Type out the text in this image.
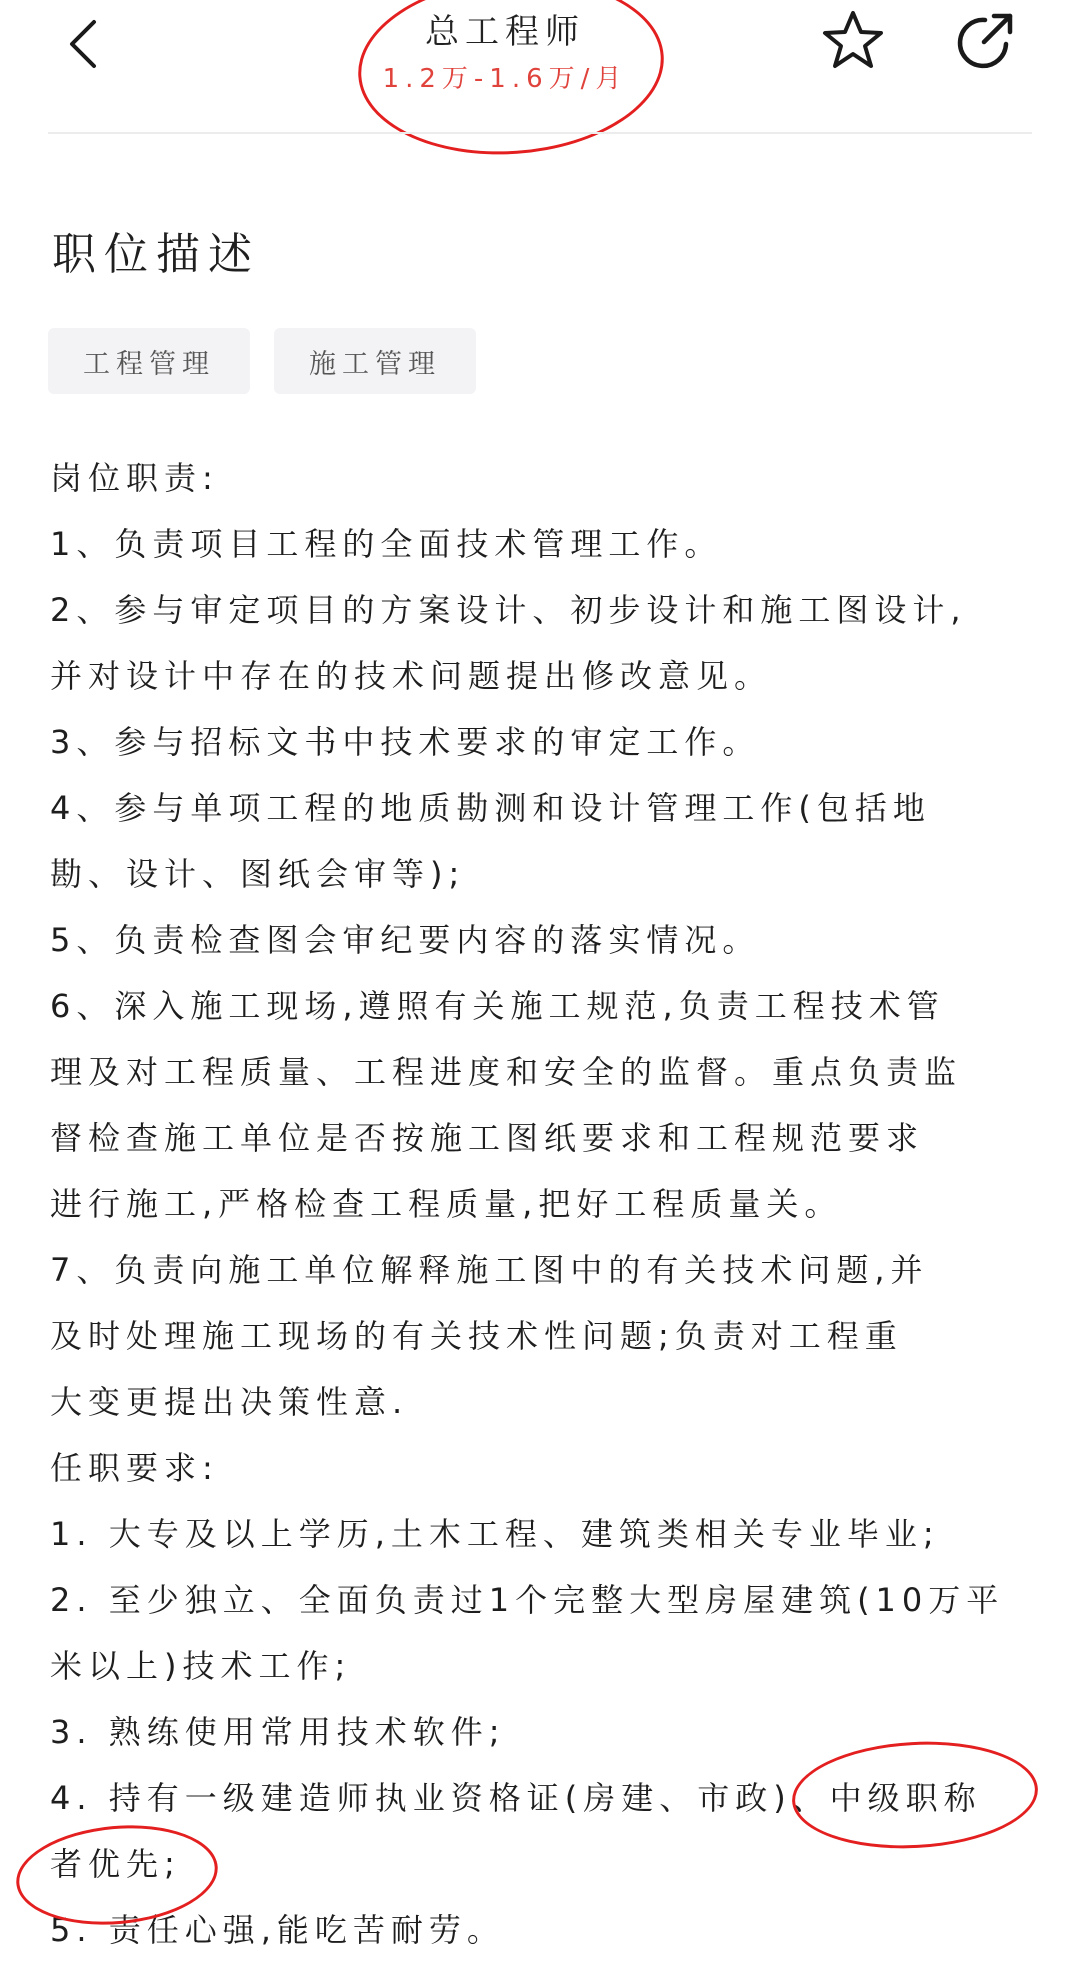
总工程师
1.2万-1.6万/月
职位描述
工程管理	施工管理
岗位职责:
1、负责项目工程的全面技术管理工作。
2、参与审定项目的方案设计、初步设计和施工图设计,
并对设计中存在的技术问题提出修改意见。
3、参与招标文书中技术要求的审定工作。
4、参与单项工程的地质勘测和设计管理工作(包括地
勘、设计、图纸会审等);
5、负责检查图会审纪要内容的落实情况。
6、深入施工现场,遵照有关施工规范,负责工程技术管
理及对工程质量、工程进度和安全的监督。重点负责监
督检查施工单位是否按施工图纸要求和工程规范要求
进行施工,严格检查工程质量,把好工程质量关。
7、负责向施工单位解释施工图中的有关技术问题,并
及时处理施工现场的有关技术性问题;负责对工程重
大变更提出决策性意.
任职要求:
1. 大专及以上学历,土木工程、建筑类相关专业毕业;
2. 至少独立、全面负责过1个完整大型房屋建筑(10万平
米以上)技术工作;
3. 熟练使用常用技术软件;
4. 持有一级建造师执业资格证(房建、市政)、中级职称
者优先;
5. 责任心强,能吃苦耐劳。
